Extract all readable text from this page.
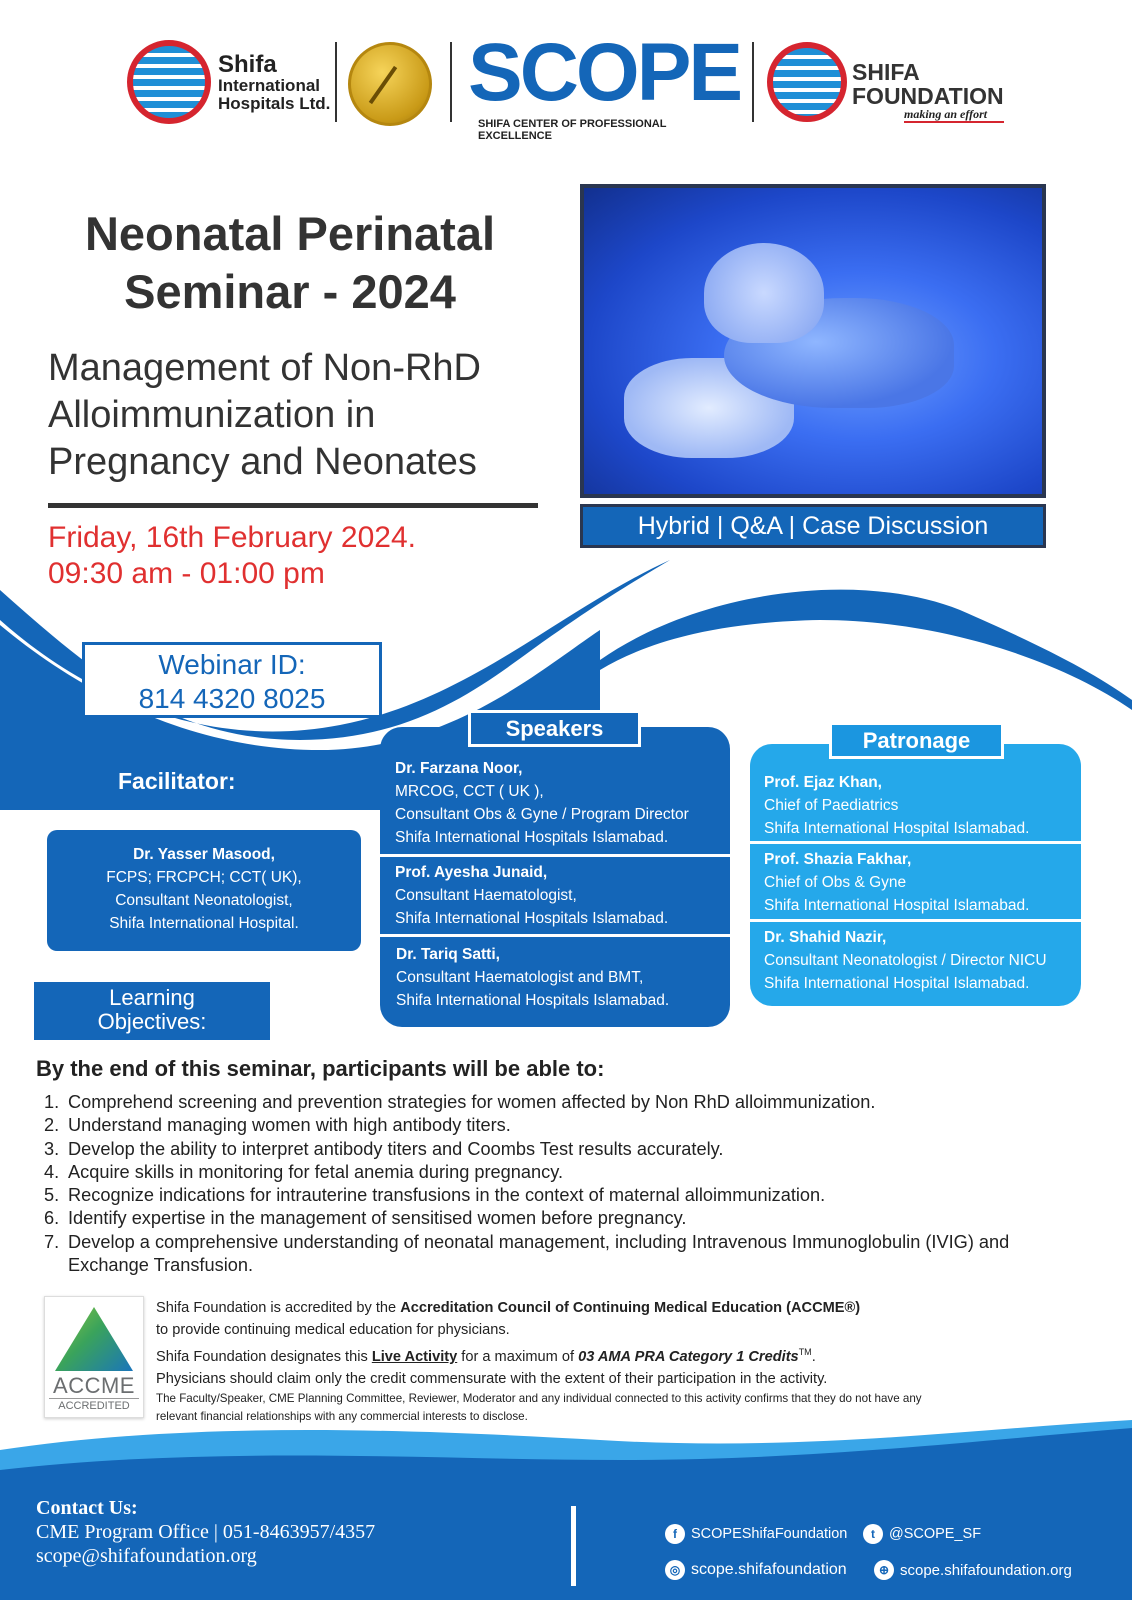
Shifa
International
Hospitals Ltd. SCOPE
SHIFA CENTER OF PROFESSIONAL EXCELLENCE
SHIFA
FOUNDATION
making an effort
Neonatal Perinatal
Seminar - 2024
Management of Non-RhD
Alloimmunization in
Pregnancy and Neonates
Friday, 16th February 2024.
09:30 am - 01:00 pm
Hybrid | Q&A | Case Discussion
Webinar ID:
814 4320 8025
Facilitator:
Dr. Yasser Masood,
FCPS; FRCPCH; CCT( UK),
Consultant Neonatologist,
Shifa International Hospital.
Learning
Objectives:
Dr. Farzana Noor,
MRCOG, CCT ( UK ),
Consultant Obs & Gyne / Program Director
Shifa International Hospitals Islamabad.
Prof. Ayesha Junaid,
Consultant Haematologist,
Shifa International Hospitals Islamabad.
Dr. Tariq Satti,
Consultant Haematologist and BMT,
Shifa International Hospitals Islamabad.
Speakers
Prof. Ejaz Khan,
Chief of Paediatrics
Shifa International Hospital Islamabad.
Prof. Shazia Fakhar,
Chief of Obs & Gyne
Shifa International Hospital Islamabad.
Dr. Shahid Nazir,
Consultant Neonatologist / Director NICU
Shifa International Hospital Islamabad.
Patronage
By the end of this seminar, participants will be able to:
1. Comprehend screening and prevention strategies for women affected by Non RhD alloimmunization.
2. Understand managing women with high antibody titers.
3. Develop the ability to interpret antibody titers and Coombs Test results accurately.
4. Acquire skills in monitoring for fetal anemia during pregnancy.
5. Recognize indications for intrauterine transfusions in the context of maternal alloimmunization.
6. Identify expertise in the management of sensitised women before pregnancy.
7. Develop a comprehensive understanding of neonatal management, including Intravenous Immunoglobulin (IVIG) and Exchange Transfusion.
ACCME
ACCREDITED
Shifa Foundation is accredited by the Accreditation Council of Continuing Medical Education (ACCME®)
to provide continuing medical education for physicians.
Shifa Foundation designates this Live Activity for a maximum of 03 AMA PRA Category 1 Credits™.
Physicians should claim only the credit commensurate with the extent of their participation in the activity.
The Faculty/Speaker, CME Planning Committee, Reviewer, Moderator and any individual connected to this activity confirms that they do not have any relevant financial relationships with any commercial interests to disclose.
Contact Us:
CME Program Office | 051-8463957/4357
scope@shifafoundation.org
f SCOPEShifaFoundation	t @SCOPE_SF
◎ scope.shifafoundation	⊕ scope.shifafoundation.org
